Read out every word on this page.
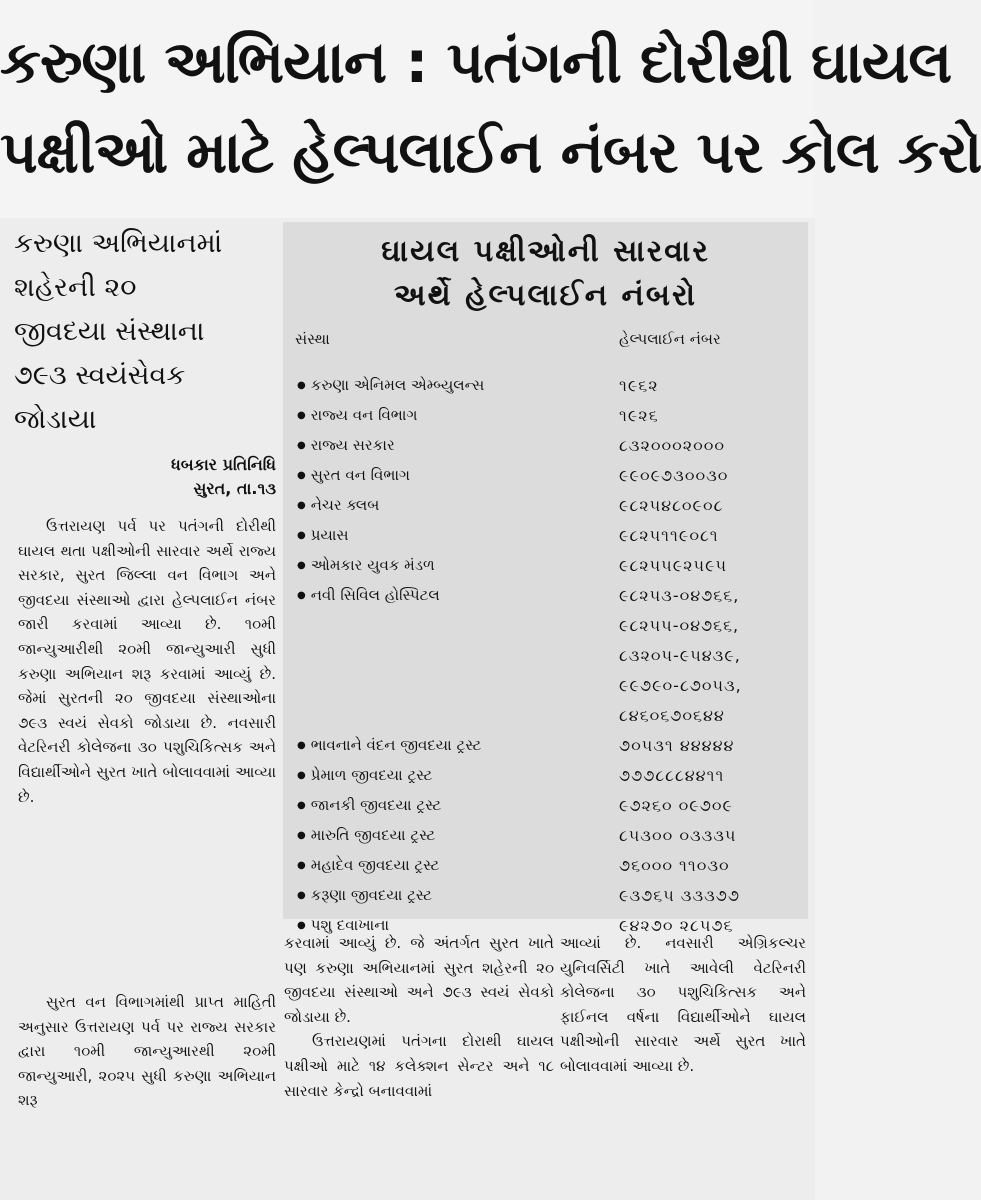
કરુણા અભિયાન : પતંગની દોરીથી ઘાયલ
પક્ષીઓ માટે હેલ્પલાઈન નંબર પર કોલ કરો
કરુણા અભિયાનમાં
શહેરની ૨૦
જીવદયા સંસ્થાના
૭૯૩ સ્વયંસેવક
જોડાયા
ધબકાર પ્રતિનિધિ
સુરત, તા.૧૩

ઉત્તરાયણ પર્વ પર પતંગની દોરીથી ઘાયલ થતા પક્ષીઓની સારવાર અર્થે રાજ્ય સરકાર, સુરત જિલ્લા વન વિભાગ અને જીવદયા સંસ્થાઓ દ્વારા હેલ્પલાઈન નંબર જારી કરવામાં આવ્યા છે. ૧૦મી જાન્યુઆરીથી ૨૦મી જાન્યુઆરી સુધી કરુણા અભિયાન શરૂ કરવામાં આવ્યું છે. જેમાં સુરતની ૨૦ જીવદયા સંસ્થાઓના ૭૯૩ સ્વયં સેવકો જોડાયા છે. નવસારી વેટરિનરી કોલેજના ૩૦ પશુચિકિત્સક અને વિદ્યાર્થીઓને સુરત ખાતે બોલાવવામાં આવ્યા છે.

સુરત વન વિભાગમાંથી પ્રાપ્ત માહિતી અનુસાર ઉત્તરાયણ પર્વ પર રાજ્ય સરકાર દ્વારા ૧૦મી જાન્યુઆરથી ૨૦મી જાન્યુઆરી, ૨૦૨૫ સુધી કરુણા અભિયાન શરૂ

ઘાયલ પક્ષીઓની સારવાર
અર્થે હેલ્પલાઈન નંબરો
સંસ્થા	હેલ્પલાઈન નંબર
● કરુણા એનિમલ એમ્બ્યુલન્સ	૧૯૬૨
● રાજ્ય વન વિભાગ	૧૯૨૬
● રાજ્ય સરકાર	૮૩૨૦૦૦૨૦૦૦
● સુરત વન વિભાગ	૯૯૦૯૭૩૦૦૩૦
● નેચર ક્લબ	૯૮૨૫૪૮૦૯૦૮
● પ્રયાસ	૯૮૨૫૧૧૯૦૮૧
● ઓમકાર યુવક મંડળ	૯૮૨૫૫૯૨૫૯૫
● નવી સિવિલ હોસ્પિટલ	૯૮૨૫૩-૦૪૭૬૬,
૯૮૨૫૫-૦૪૭૬૬,
૮૩૨૦૫-૯૫૪૩૯,
૯૯૭૯૦-૮૭૦૫૩,
૮૪૬૦૬૭૦૬૪૪
● ભાવનાને વંદન જીવદયા ટ્રસ્ટ	૭૦૫૩૧ ૪૪૪૪૪
● પ્રેમાળ જીવદયા ટ્રસ્ટ	૭૭૭૮૮૮૪૪૧૧
● જાનકી જીવદયા ટ્રસ્ટ	૯૭૨૬૦ ૦૯૭૦૯
● મારુતિ જીવદયા ટ્રસ્ટ	૮૫૩૦૦ ૦૩૩૩૫
● મહાદેવ જીવદયા ટ્રસ્ટ	૭૬૦૦૦ ૧૧૦૩૦
● કરૂણા જીવદયા ટ્રસ્ટ	૯૩૭૬૫ ૩૩૩૭૭
● પશુ દવાખાના	૯૪૨૭૦ ૨૮૫૭૬

કરવામાં આવ્યું છે. જે અંતર્ગત સુરત ખાતે પણ કરુણા અભિયાનમાં સુરત શહેરની ૨૦ જીવદયા સંસ્થાઓ અને ૭૯૩ સ્વયં સેવકો જોડાયા છે.

ઉત્તરાયણમાં પતંગના દોરાથી ઘાયલ પક્ષીઓ માટે ૧૪ કલેક્શન સેન્ટર અને ૧૮ સારવાર કેન્દ્રો બનાવવામાં

આવ્યાં છે. નવસારી એગ્રિકલ્ચર યુનિવર્સિટી ખાતે આવેલી વેટરિનરી કોલેજના ૩૦ પશુચિકિત્સક અને ફાઈનલ વર્ષના વિદ્યાર્થીઓને ઘાયલ પક્ષીઓની સારવાર અર્થે સુરત ખાતે બોલાવવામાં આવ્યા છે.
